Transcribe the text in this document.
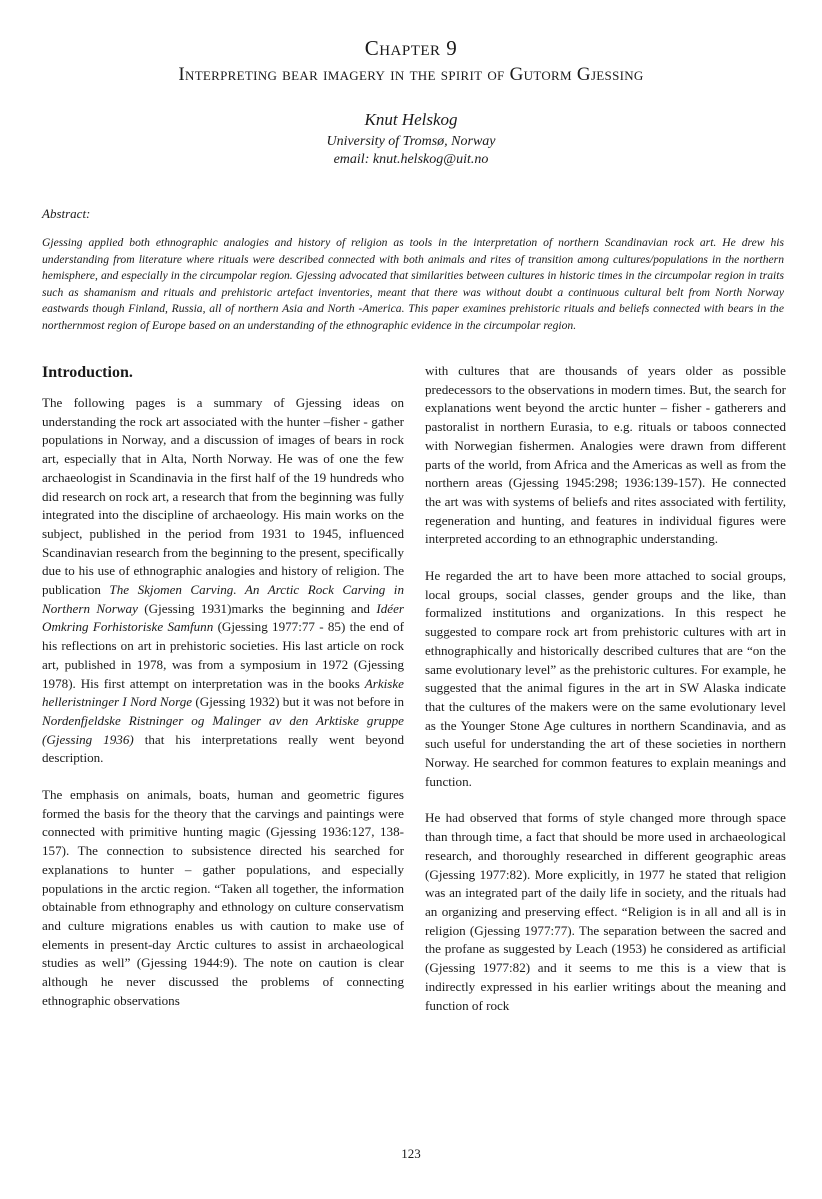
Chapter 9
Interpreting bear imagery in the spirit of Gutorm Gjessing
Knut Helskog
University of Tromsø, Norway
email: knut.helskog@uit.no
Abstract:
Gjessing applied both ethnographic analogies and history of religion as tools in the interpretation of northern Scandinavian rock art. He drew his understanding from literature where rituals were described connected with both animals and rites of transition among cultures/populations in the northern hemisphere, and especially in the circumpolar region. Gjessing advocated that similarities between cultures in historic times in the circumpolar region in traits such as shamanism and rituals and prehistoric artefact inventories, meant that there was without doubt a continuous cultural belt from North Norway eastwards though Finland, Russia, all of northern Asia and North -America. This paper examines prehistoric rituals and beliefs connected with bears in the northernmost region of Europe based on an understanding of the ethnographic evidence in the circumpolar region.
Introduction.

The following pages is a summary of Gjessing ideas on understanding the rock art associated with the hunter –fisher - gather populations in Norway, and a discussion of images of bears in rock art, especially that in Alta, North Norway. He was of one the few archaeologist in Scandinavia in the first half of the 19 hundreds who did research on rock art, a research that from the beginning was fully integrated into the discipline of archaeology. His main works on the subject, published in the period from 1931 to 1945, influenced Scandinavian research from the beginning to the present, specifically due to his use of ethnographic analogies and history of religion. The publication The Skjomen Carving. An Arctic Rock Carving in Northern Norway (Gjessing 1931)marks the beginning and Idéer Omkring Forhistoriske Samfunn (Gjessing 1977:77 - 85) the end of his reflections on art in prehistoric societies. His last article on rock art, published in 1978, was from a symposium in 1972 (Gjessing 1978). His first attempt on interpretation was in the books Arkiske helleristninger I Nord Norge (Gjessing 1932) but it was not before in Nordenfjeldske Ristninger og Malinger av den Arktiske gruppe (Gjessing 1936) that his interpretations really went beyond description.

The emphasis on animals, boats, human and geometric figures formed the basis for the theory that the carvings and paintings were connected with primitive hunting magic (Gjessing 1936:127, 138-157). The connection to subsistence directed his searched for explanations to hunter – gather populations, and especially populations in the arctic region. “Taken all together, the information obtainable from ethnography and ethnology on culture conservatism and culture migrations enables us with caution to make use of elements in present-day Arctic cultures to assist in archaeological studies as well” (Gjessing 1944:9). The note on caution is clear although he never discussed the problems of connecting ethnographic observations

with cultures that are thousands of years older as possible predecessors to the observations in modern times. But, the search for explanations went beyond the arctic hunter – fisher - gatherers and pastoralist in northern Eurasia, to e.g. rituals or taboos connected with Norwegian fishermen. Analogies were drawn from different parts of the world, from Africa and the Americas as well as from the northern areas (Gjessing 1945:298; 1936:139-157). He connected the art was with systems of beliefs and rites associated with fertility, regeneration and hunting, and features in individual figures were interpreted according to an ethnographic understanding.

He regarded the art to have been more attached to social groups, local groups, social classes, gender groups and the like, than formalized institutions and organizations. In this respect he suggested to compare rock art from prehistoric cultures with art in ethnographically and historically described cultures that are “on the same evolutionary level” as the prehistoric cultures. For example, he suggested that the animal figures in the art in SW Alaska indicate that the cultures of the makers were on the same evolutionary level as the Younger Stone Age cultures in northern Scandinavia, and as such useful for understanding the art of these societies in northern Norway. He searched for common features to explain meanings and function.

He had observed that forms of style changed more through space than through time, a fact that should be more used in archaeological research, and thoroughly researched in different geographic areas (Gjessing 1977:82). More explicitly, in 1977 he stated that religion was an integrated part of the daily life in society, and the rituals had an organizing and preserving effect. “Religion is in all and all is in religion (Gjessing 1977:77). The separation between the sacred and the profane as suggested by Leach (1953) he considered as artificial (Gjessing 1977:82) and it seems to me this is a view that is indirectly expressed in his earlier writings about the meaning and function of rock

123
